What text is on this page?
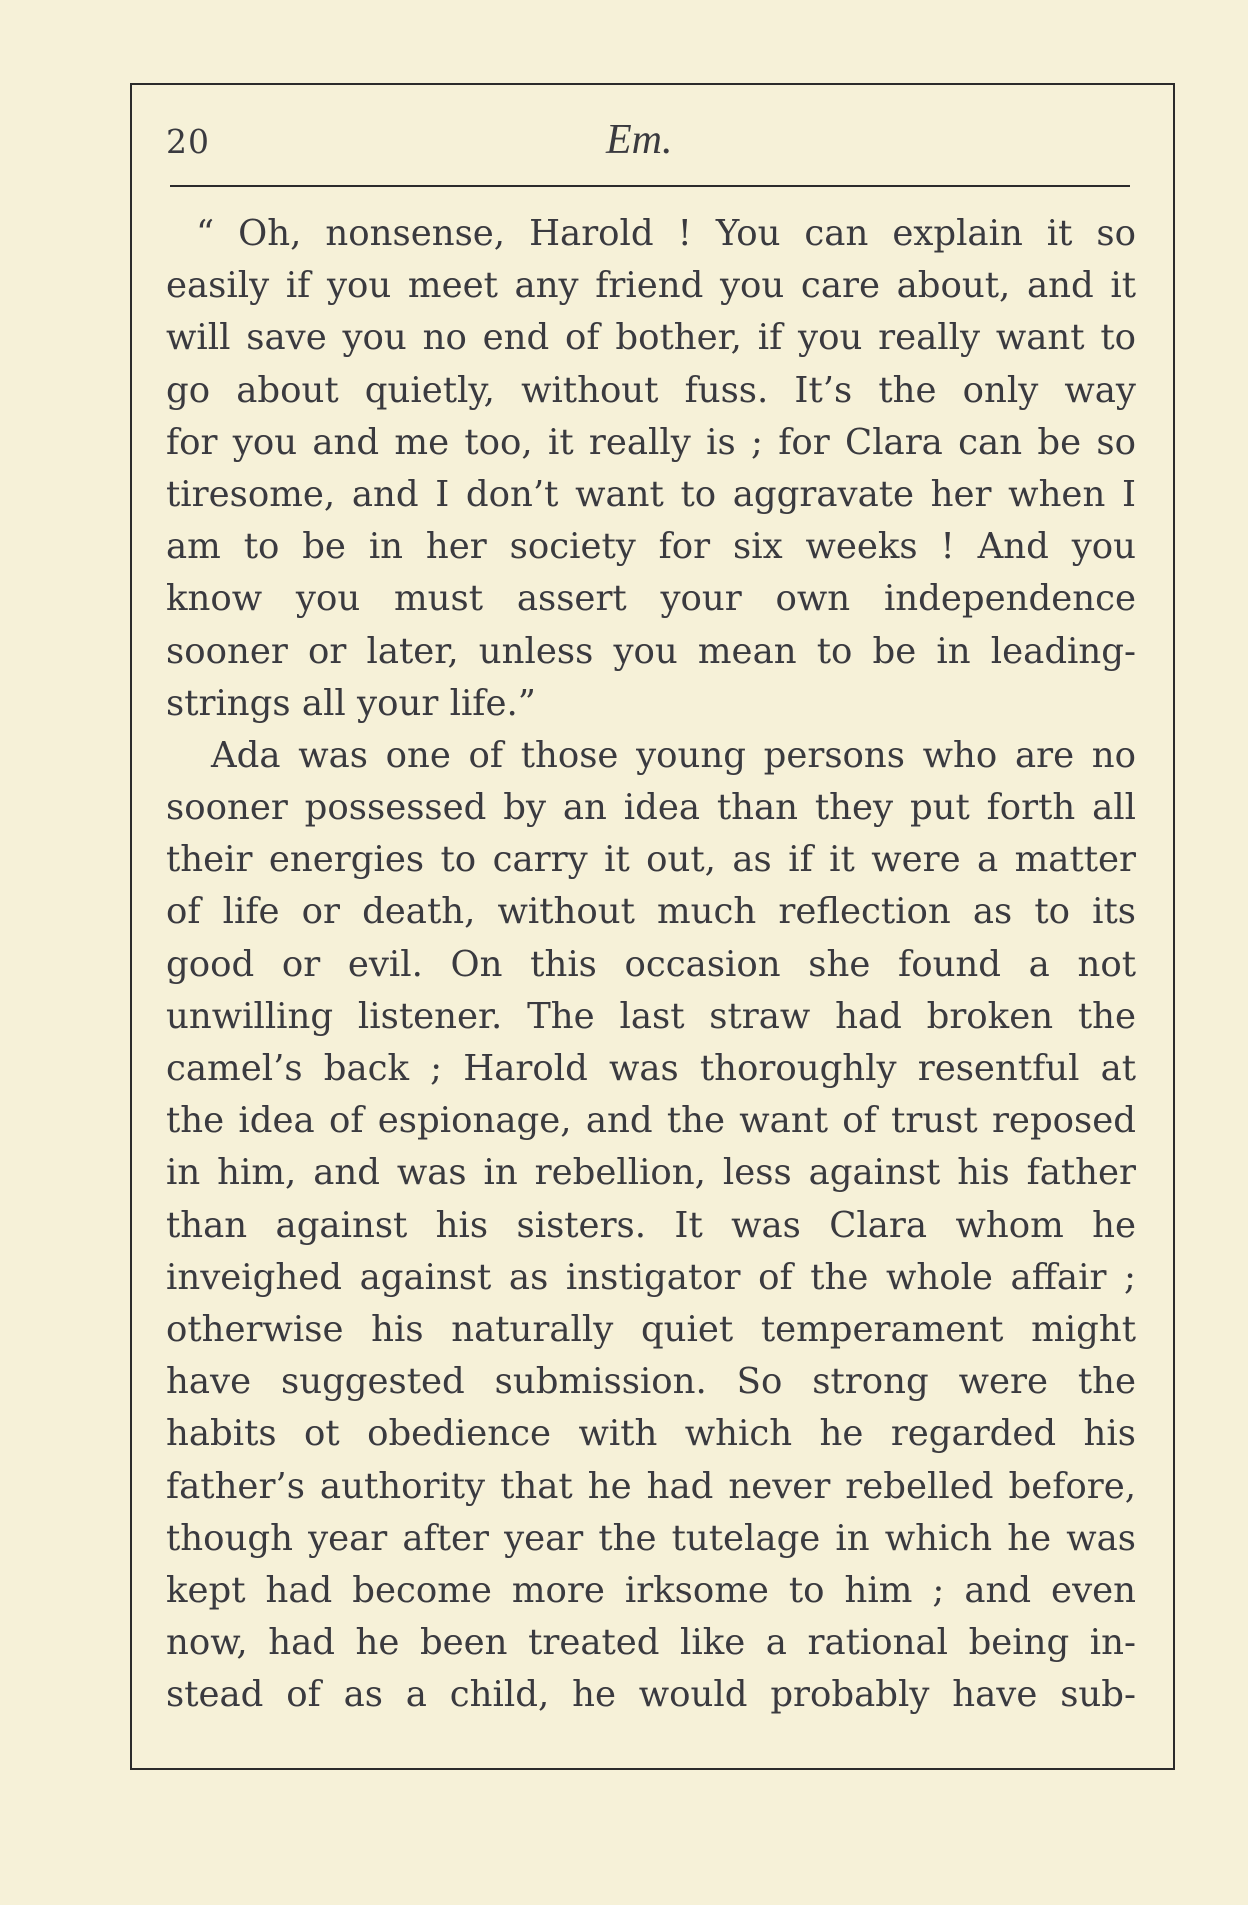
20	Em.
“ Oh, nonsense, Harold ! You can explain it so
easily if you meet any friend you care about, and it
will save you no end of bother, if you really want to
go about quietly, without fuss. It’s the only way
for you and me too, it really is ; for Clara can be so
tiresome, and I don’t want to aggravate her when I
am to be in her society for six weeks ! And you
know you must assert your own independence
sooner or later, unless you mean to be in leading-
strings all your life.”
Ada was one of those young persons who are no
sooner possessed by an idea than they put forth all
their energies to carry it out, as if it were a matter
of life or death, without much reflection as to its
good or evil. On this occasion she found a not
unwilling listener. The last straw had broken the
camel’s back ; Harold was thoroughly resentful at
the idea of espionage, and the want of trust reposed
in him, and was in rebellion, less against his father
than against his sisters. It was Clara whom he
inveighed against as instigator of the whole affair ;
otherwise his naturally quiet temperament might
have suggested submission. So strong were the
habits ot obedience with which he regarded his
father’s authority that he had never rebelled before,
though year after year the tutelage in which he was
kept had become more irksome to him ; and even
now, had he been treated like a rational being in-
stead of as a child, he would probably have sub-
